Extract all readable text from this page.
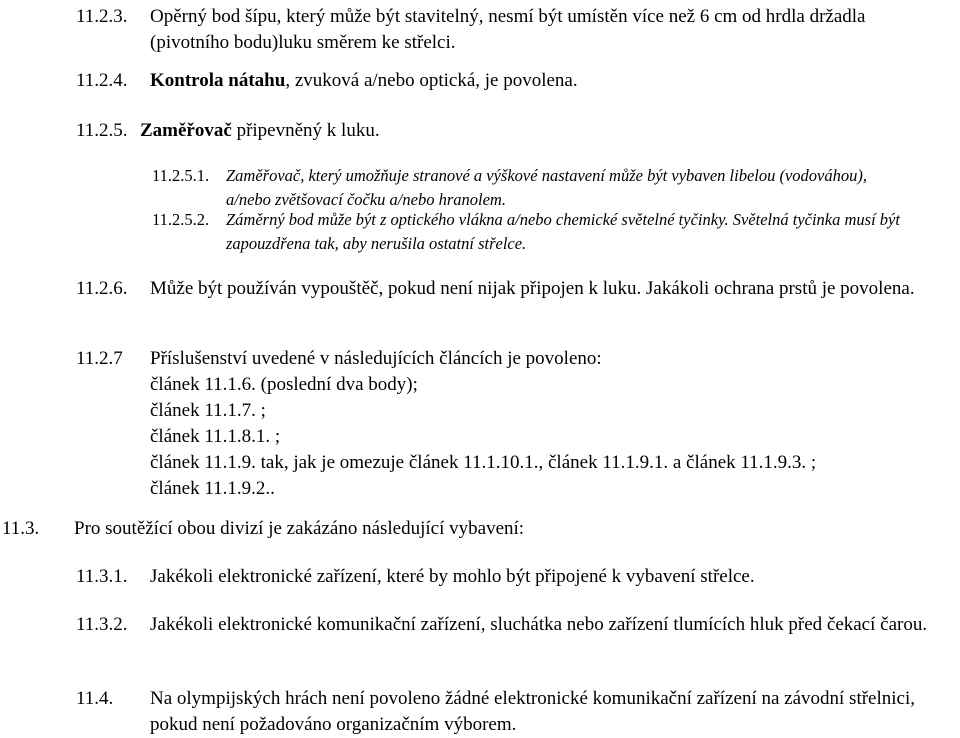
11.2.3. Opěrný bod šípu, který může být stavitelný, nesmí být umístěn více než 6 cm od hrdla držadla (pivotního bodu)luku směrem ke střelci.
11.2.4. Kontrola nátahu, zvuková a/nebo optická, je povolena.
11.2.5. Zaměřovač připevněný k luku.
11.2.5.1. Zaměřovač, který umožňuje stranové a výškové nastavení může být vybaven libelou (vodováhou), a/nebo zvětšovací čočku a/nebo hranolem.
11.2.5.2. Záměrný bod může být z optického vlákna a/nebo chemické světelné tyčinky. Světelná tyčinka musí být zapouzdřena tak, aby nerušila ostatní střelce.
11.2.6. Může být používán vypouštěč, pokud není nijak připojen k luku. Jakákoli ochrana prstů je povolena.
11.2.7 Příslušenství uvedené v následujících článcích je povoleno:
článek 11.1.6. (poslední dva body);
článek 11.1.7. ;
článek 11.1.8.1. ;
článek 11.1.9. tak, jak je omezuje článek 11.1.10.1., článek 11.1.9.1. a článek 11.1.9.3. ;
článek 11.1.9.2..
11.3. Pro soutěžící obou divizí je zakázáno následující vybavení:
11.3.1. Jakékoli elektronické zařízení, které by mohlo být připojené k vybavení střelce.
11.3.2. Jakékoli elektronické komunikační zařízení, sluchátka nebo zařízení tlumících hluk před čekací čarou.
11.4. Na olympijských hrách není povoleno žádné elektronické komunikační zařízení na závodní střelnici, pokud není požadováno organizačním výborem.
